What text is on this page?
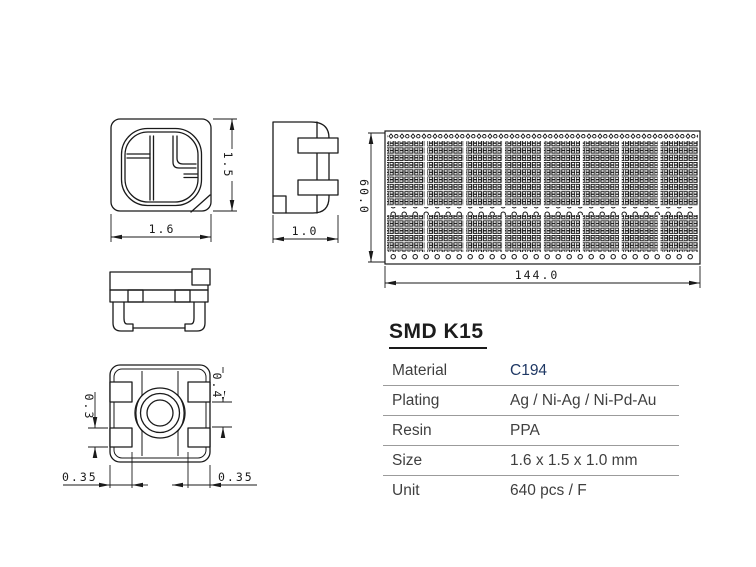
1.6
1.5
1.0
60.0
144.0
0.3
0.4
0.35	0.35
SMD K15
Material	C194
Plating	Ag / Ni-Ag / Ni-Pd-Au
Resin	PPA
Size	1.6 x 1.5 x 1.0 mm
Unit	640 pcs / F
